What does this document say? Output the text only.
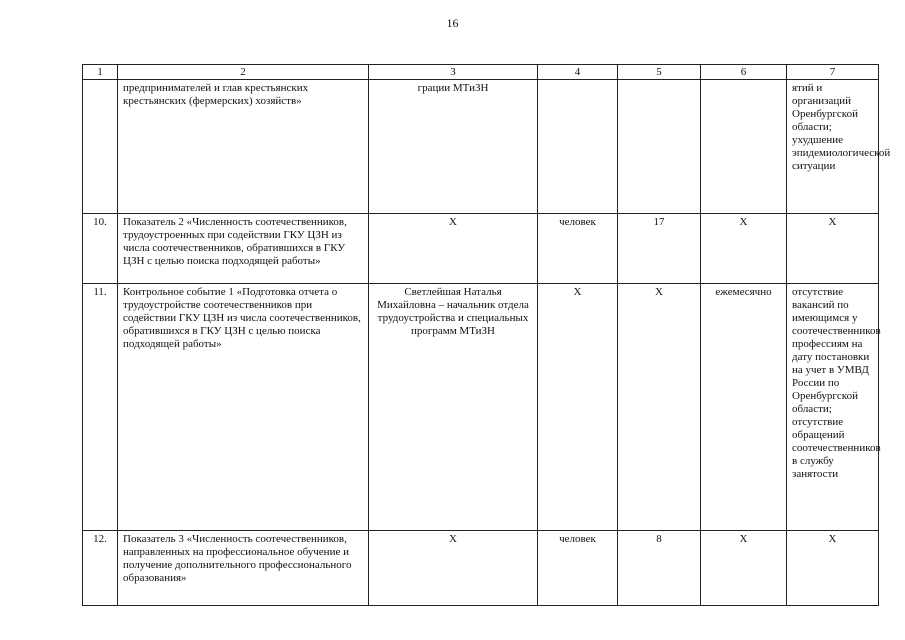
16
1	2	3	4	5	6	7
	предпринимателей и глав крестьянских крестьянских (фермерских) хозяйств»	грации МТиЗН				ятий и организаций Оренбургской области; ухудшение эпидемиологической ситуации
10.	Показатель 2 «Численность соотечественников, трудоустроенных при содействии ГКУ ЦЗН из числа соотечественников, обратившихся в ГКУ ЦЗН с целью поиска подходящей работы»	Х	человек	17	Х	Х
11.	Контрольное событие 1 «Подготовка отчета о трудоустройстве соотечественников при содействии ГКУ ЦЗН из числа соотечественников, обратившихся в ГКУ ЦЗН с целью поиска подходящей работы»	Светлейшая Наталья Михайловна – начальник отдела трудоустройства и специальных программ МТиЗН	Х	Х	ежемесячно	отсутствие вакансий по имеющимся у соотечественников профессиям на дату постановки на учет в УМВД России по Оренбургской области; отсутствие обращений соотечественников в службу занятости
12.	Показатель 3 «Численность соотечественников, направленных на профессиональное обучение и получение дополнительного профессионального образования»	Х	человек	8	Х	Х
